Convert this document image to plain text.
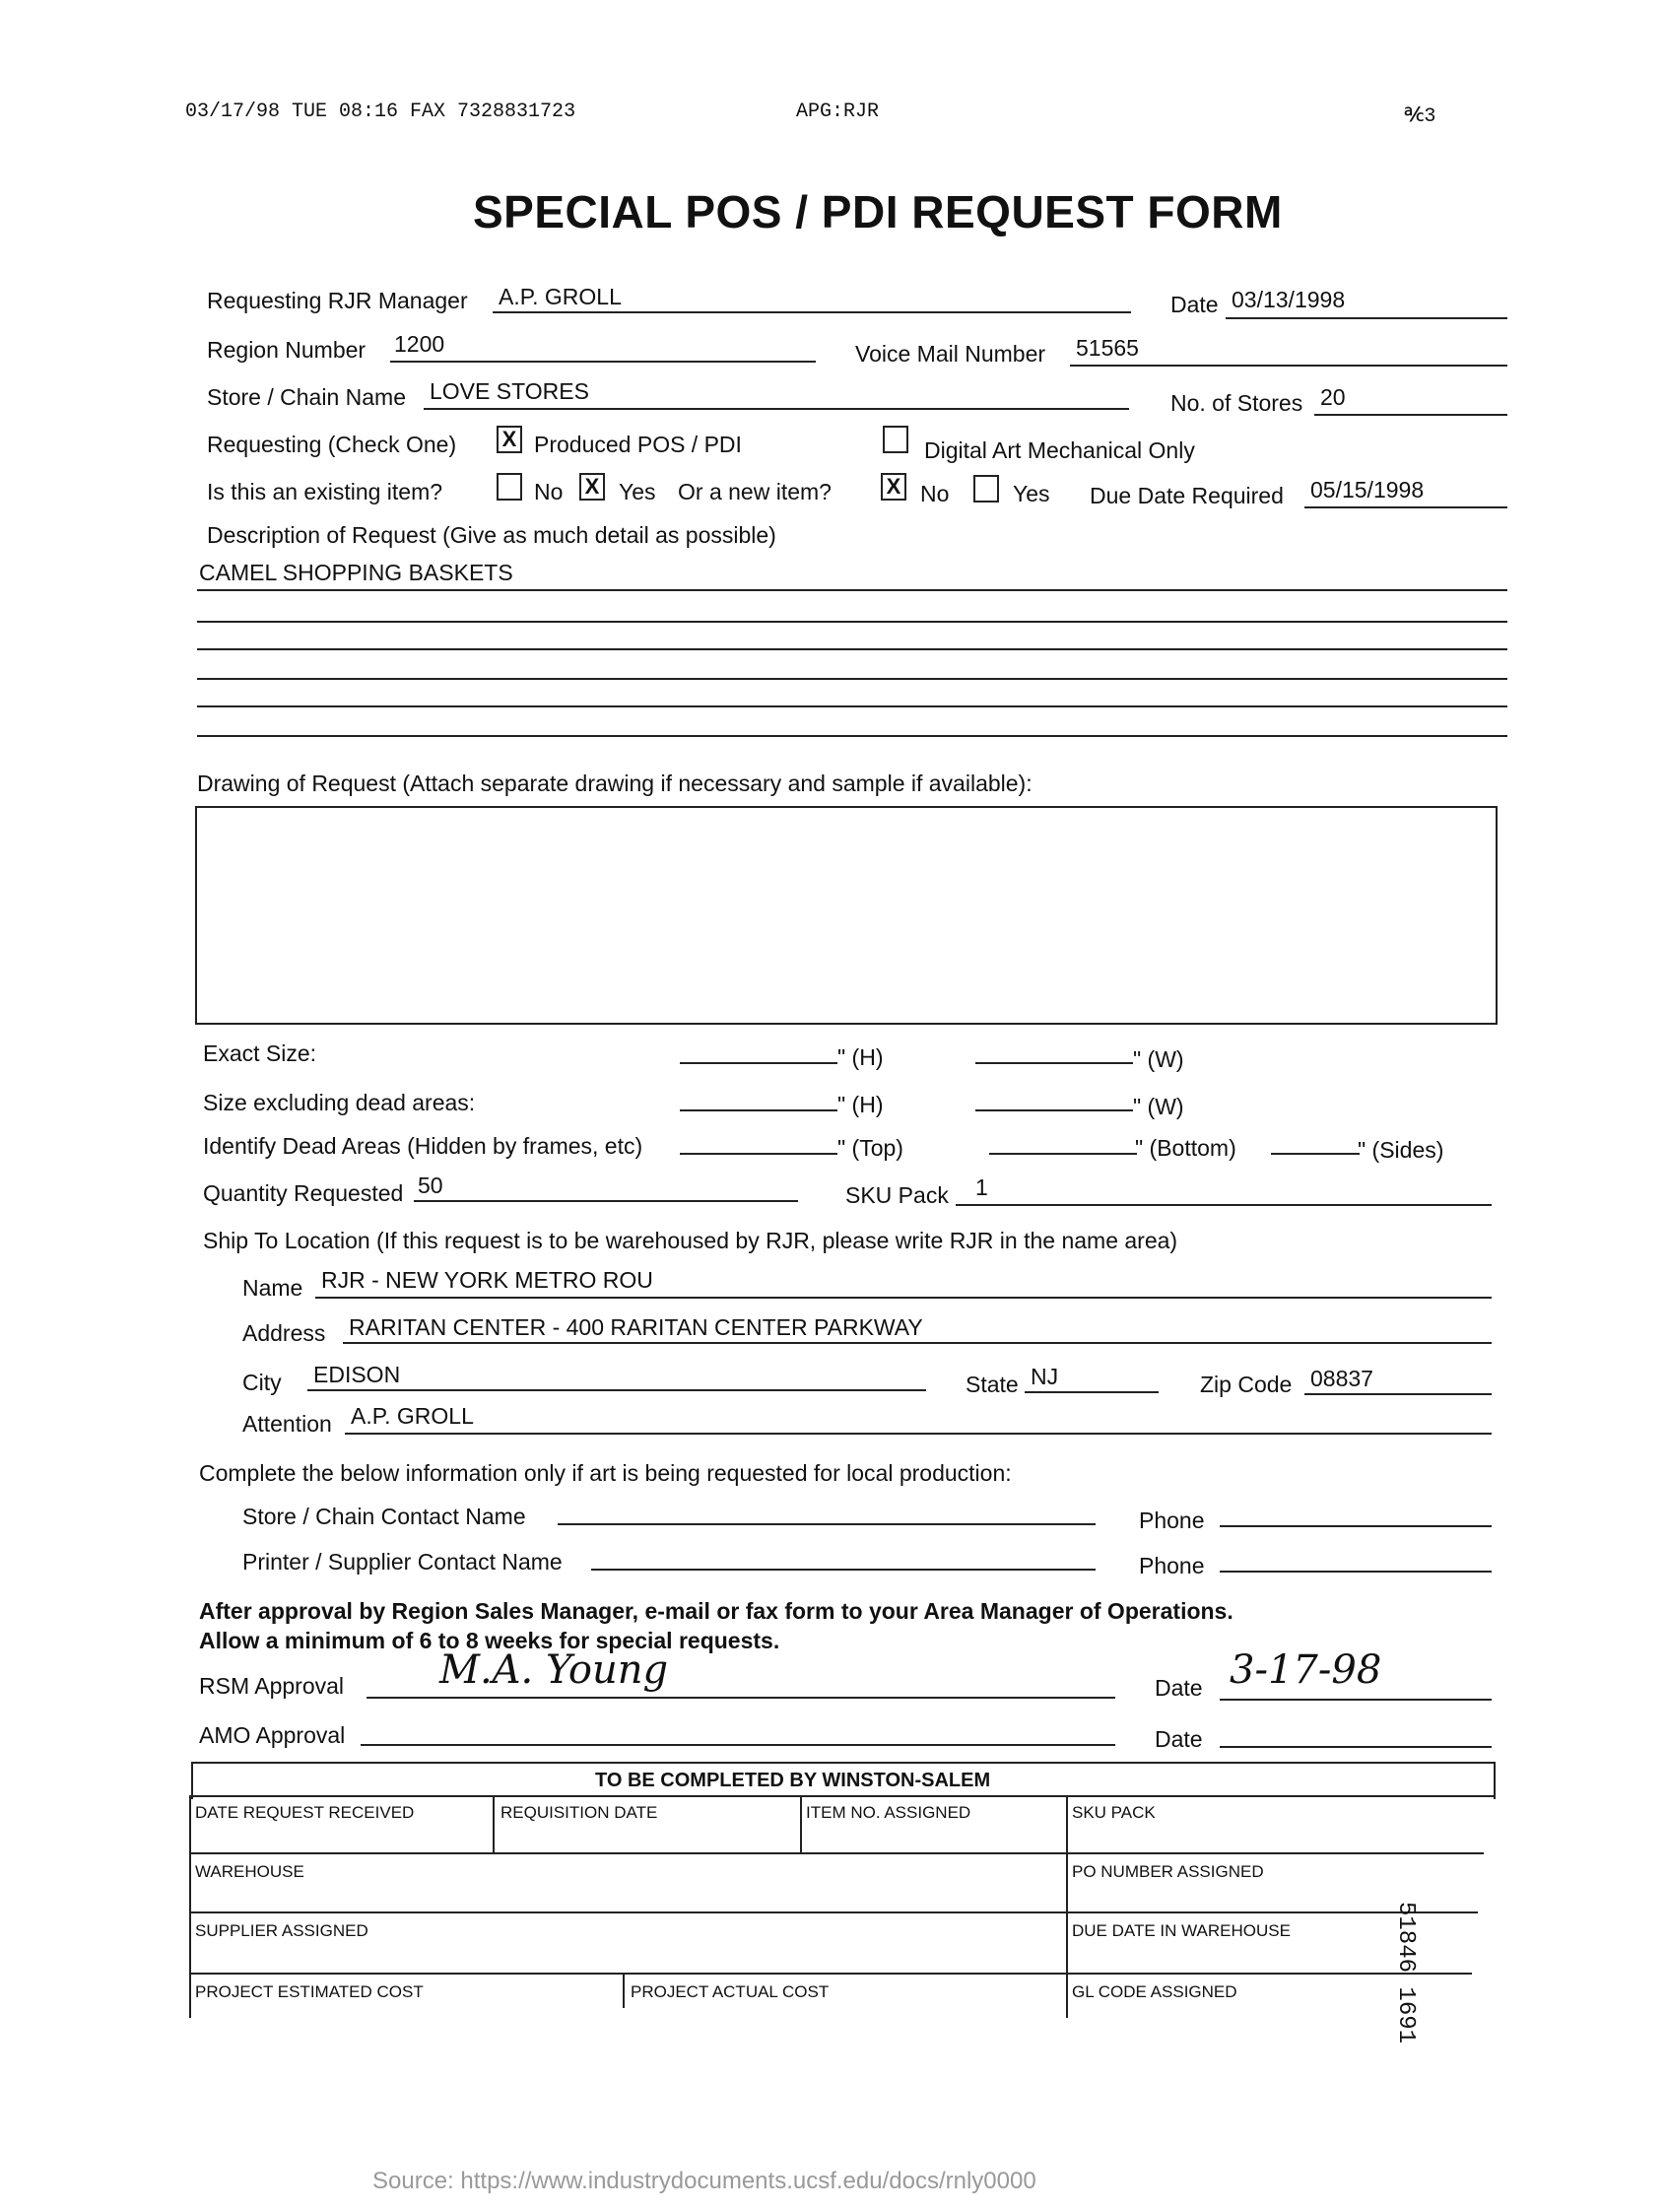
03/17/98 TUE 08:16 FAX 7328831723	APG:RJR	℀3
SPECIAL POS / PDI REQUEST FORM
Requesting RJR Manager A.P. GROLL	Date 03/13/1998
Region Number 1200	Voice Mail Number 51565
Store / Chain Name LOVE STORES	No. of Stores 20
Requesting (Check One) X Produced POS / PDI	Digital Art Mechanical Only
Is this an existing item?	No X Yes Or a new item?	X No	Yes Due Date Required 05/15/1998
Description of Request (Give as much detail as possible)
CAMEL SHOPPING BASKETS
Drawing of Request (Attach separate drawing if necessary and sample if available):
Exact Size:	" (H)	" (W)
Size excluding dead areas:	" (H)	" (W)
Identify Dead Areas (Hidden by frames, etc)	" (Top)	" (Bottom)	" (Sides)
Quantity Requested 50	SKU Pack 1
Ship To Location (If this request is to be warehoused by RJR, please write RJR in the name area)
Name RJR - NEW YORK METRO ROU
Address RARITAN CENTER - 400 RARITAN CENTER PARKWAY
City EDISON	State NJ	Zip Code 08837
Attention A.P. GROLL
Complete the below information only if art is being requested for local production:
Store / Chain Contact Name	Phone
Printer / Supplier Contact Name	Phone
After approval by Region Sales Manager, e-mail or fax form to your Area Manager of Operations.
Allow a minimum of 6 to 8 weeks for special requests.
RSM Approval M.A. Young	Date 3-17-98
AMO Approval	Date
TO BE COMPLETED BY WINSTON-SALEM
DATE REQUEST RECEIVED	REQUISITION DATE	ITEM NO. ASSIGNED	SKU PACK
WAREHOUSE	PO NUMBER ASSIGNED
SUPPLIER ASSIGNED	DUE DATE IN WAREHOUSE
PROJECT ESTIMATED COST	PROJECT ACTUAL COST	GL CODE ASSIGNED	51846 1691
Source: https://www.industrydocuments.ucsf.edu/docs/rnly0000
